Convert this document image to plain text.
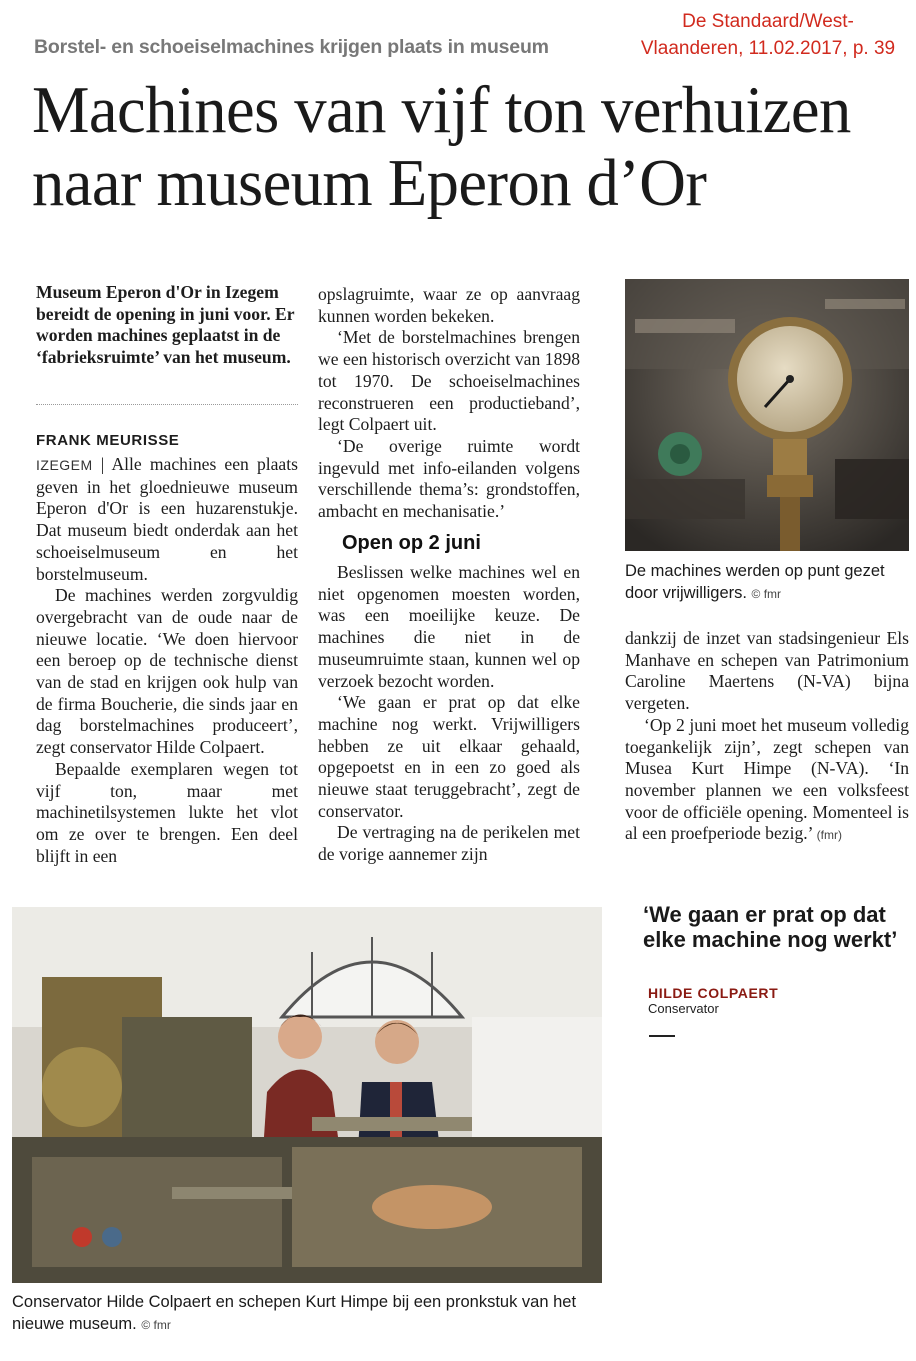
De Standaard/West-
Vlaanderen, 11.02.2017, p. 39
Borstel- en schoeiselmachines krijgen plaats in museum
Machines van vijf ton verhuizen
naar museum Eperon d’Or
Museum Eperon d'Or in Izegem bereidt de opening in juni voor. Er worden machines geplaatst in de ‘fabrieksruimte’ van het museum.
FRANK MEURISSE

IZEGEM | Alle machines een plaats geven in het gloednieuwe museum Eperon d'Or is een huzarenstukje. Dat museum biedt onderdak aan het schoeiselmuseum en het borstelmuseum.

De machines werden zorgvuldig overgebracht van de oude naar de nieuwe locatie. ‘We doen hiervoor een beroep op de technische dienst van de stad en krijgen ook hulp van de firma Boucherie, die sinds jaar en dag borstelmachines produceert’, zegt conservator Hilde Colpaert.

Bepaalde exemplaren wegen tot vijf ton, maar met machinetilsystemen lukte het vlot om ze over te brengen. Een deel blijft in een

opslagruimte, waar ze op aanvraag kunnen worden bekeken.

‘Met de borstelmachines brengen we een historisch overzicht van 1898 tot 1970. De schoeiselmachines reconstrueren een productieband’, legt Colpaert uit.

‘De overige ruimte wordt ingevuld met info-eilanden volgens verschillende thema’s: grondstoffen, ambacht en mechanisatie.’

Open op 2 juni

Beslissen welke machines wel en niet opgenomen moesten worden, was een moeilijke keuze. De machines die niet in de museumruimte staan, kunnen wel op verzoek bezocht worden.

‘We gaan er prat op dat elke machine nog werkt. Vrijwilligers hebben ze uit elkaar gehaald, opgepoetst en in een zo goed als nieuwe staat teruggebracht’, zegt de conservator.

De vertraging na de perikelen met de vorige aannemer zijn

dankzij de inzet van stadsingenieur Els Manhave en schepen van Patrimonium Caroline Maertens (N-VA) bijna vergeten.

‘Op 2 juni moet het museum volledig toegankelijk zijn’, zegt schepen van Musea Kurt Himpe (N-VA). ‘In november plannen we een volksfeest voor de officiële opening. Momenteel is al een proefperiode bezig.’ (fmr)

De machines werden op punt gezet door vrijwilligers. © fmr
Conservator Hilde Colpaert en schepen Kurt Himpe bij een pronkstuk van het nieuwe museum. © fmr
‘We gaan er prat op dat elke machine nog werkt’
HILDE COLPAERT
Conservator
